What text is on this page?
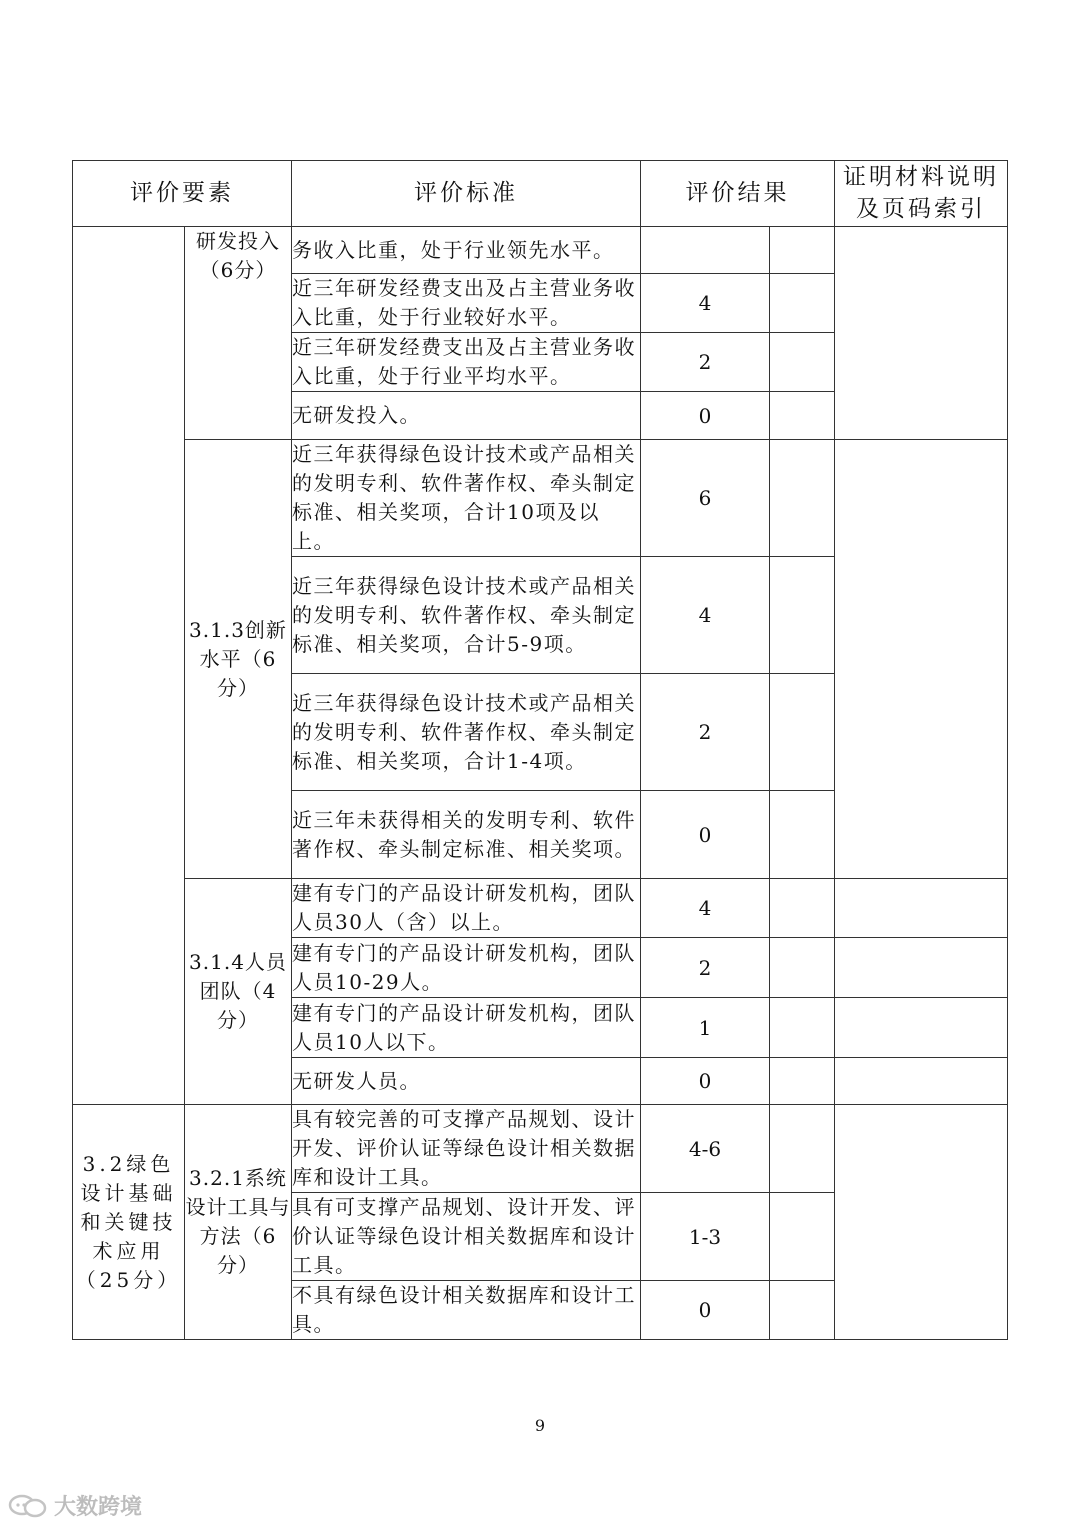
评价要素		评价标准	评价结果		证明材料说明及页码索引
	研发投入（6分）	务收入比重，处于行业领先水平。			
		近三年研发经费支出及占主营业务收入比重，处于行业较好水平。	4		
		近三年研发经费支出及占主营业务收入比重，处于行业平均水平。	2		
		无研发投入。	0		
	3.1.3创新水平（6分）	近三年获得绿色设计技术或产品相关的发明专利、软件著作权、牵头制定标准、相关奖项，合计10项及以上。	6		
		近三年获得绿色设计技术或产品相关的发明专利、软件著作权、牵头制定标准、相关奖项，合计5-9项。	4		
		近三年获得绿色设计技术或产品相关的发明专利、软件著作权、牵头制定标准、相关奖项，合计1-4项。	2		
		近三年未获得相关的发明专利、软件著作权、牵头制定标准、相关奖项。	0		
	3.1.4人员团队（4分）	建有专门的产品设计研发机构，团队人员30人（含）以上。	4		
		建有专门的产品设计研发机构，团队人员10-29人。	2		
		建有专门的产品设计研发机构，团队人员10人以下。	1		
		无研发人员。	0		
3.2绿色设计基础和关键技术应用（25分）	3.2.1系统设计工具与方法（6分）	具有较完善的可支撑产品规划、设计开发、评价认证等绿色设计相关数据库和设计工具。	4-6		
		具有可支撑产品规划、设计开发、评价认证等绿色设计相关数据库和设计工具。	1-3		
		不具有绿色设计相关数据库和设计工具。	0		
9
大数跨境
